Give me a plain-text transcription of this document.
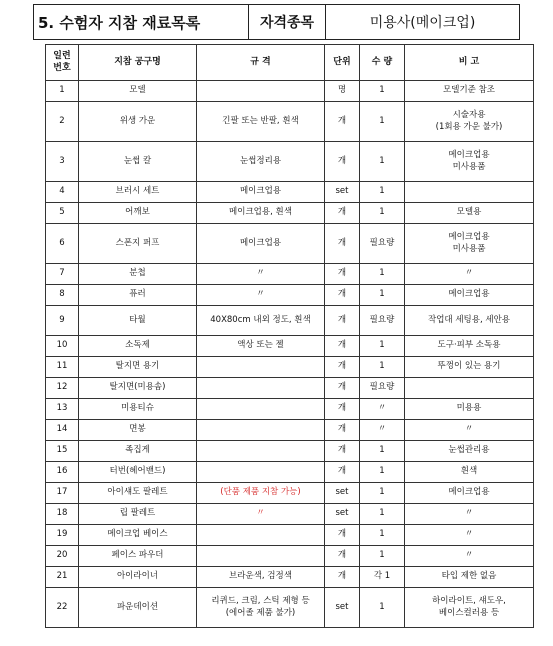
5. 수험자 지참 재료목록	자격종목	미용사(메이크업)
일련
번호	지참 공구명	규 격	단위	수 량	비 고
1	모델		명	1	모델기준 참조
2	위생 가운	긴팔 또는 반팔, 흰색	개	1	시술자용
(1회용 가운 불가)
3	눈썹 칼	눈썹정리용	개	1	메이크업용
미사용품
4	브러시 세트	메이크업용	set	1	
5	어깨보	메이크업용, 흰색	개	1	모델용
6	스폰지 퍼프	메이크업용	개	필요량	메이크업용
미사용품
7	분첩	〃	개	1	〃
8	퓨러	〃	개	1	메이크업용
9	타월	40X80cm 내외 정도, 흰색	개	필요량	작업대 세팅용, 세안용
10	소독제	액상 또는 젤	개	1	도구·피부 소독용
11	탈지면 용기		개	1	뚜껑이 있는 용기
12	탈지면(미용솜)		개	필요량	
13	미용티슈		개	〃	미용용
14	면봉		개	〃	〃
15	족집게		개	1	눈썹관리용
16	터번(헤어밴드)		개	1	흰색
17	아이섀도 팔레트	(단품 제품 지참 가능)	set	1	메이크업용
18	립 팔레트	〃	set	1	〃
19	메이크업 베이스		개	1	〃
20	페이스 파우더		개	1	〃
21	아이라이너	브라운색, 검정색	개	각 1	타입 제한 없음
22	파운데이션	리퀴드, 크림, 스틱 제형 등
(에어졸 제품 불가)	set	1	하이라이트, 섀도우,
베이스컬러용 등
